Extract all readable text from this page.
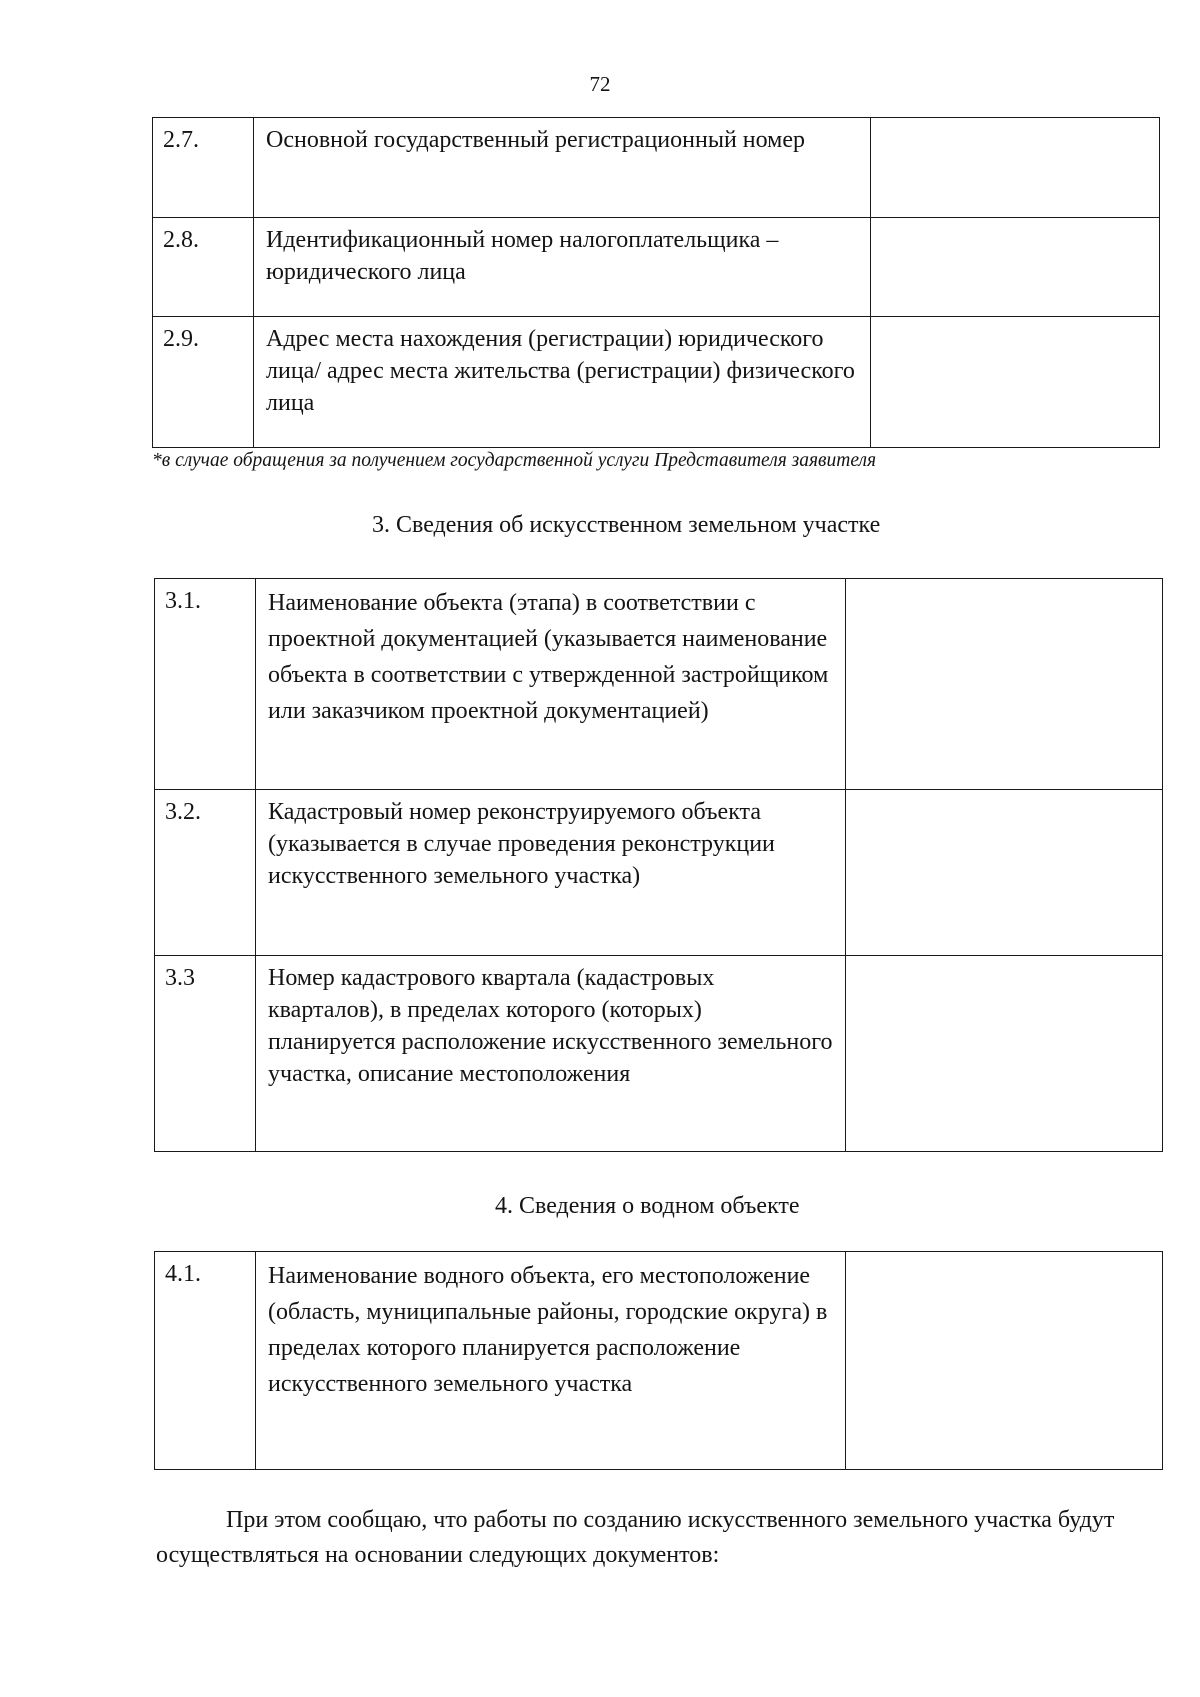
72
2.7.	Основной государственный регистрационный номер	
2.8.	Идентификационный номер налогоплательщика – юридического лица	
2.9.	Адрес места нахождения (регистрации) юридического лица/ адрес места жительства (регистрации) физического лица	
*в случае обращения за получением государственной услуги Представителя заявителя
3. Сведения об искусственном земельном участке
3.1.	Наименование объекта (этапа) в соответствии с проектной документацией (указывается наименование объекта в соответствии с утвержденной застройщиком или заказчиком проектной документацией)	
3.2.	Кадастровый номер реконструируемого объекта (указывается в случае проведения реконструкции искусственного земельного участка)	
3.3	Номер кадастрового квартала (кадастровых кварталов), в пределах которого (которых) планируется расположение искусственного земельного участка, описание местоположения	
4. Сведения о водном объекте
4.1.	Наименование водного объекта, его местоположение (область, муниципальные районы, городские округа) в пределах которого планируется расположение искусственного земельного участка	
При этом сообщаю, что работы по созданию искусственного земельного участка будут осуществляться на основании следующих документов:
